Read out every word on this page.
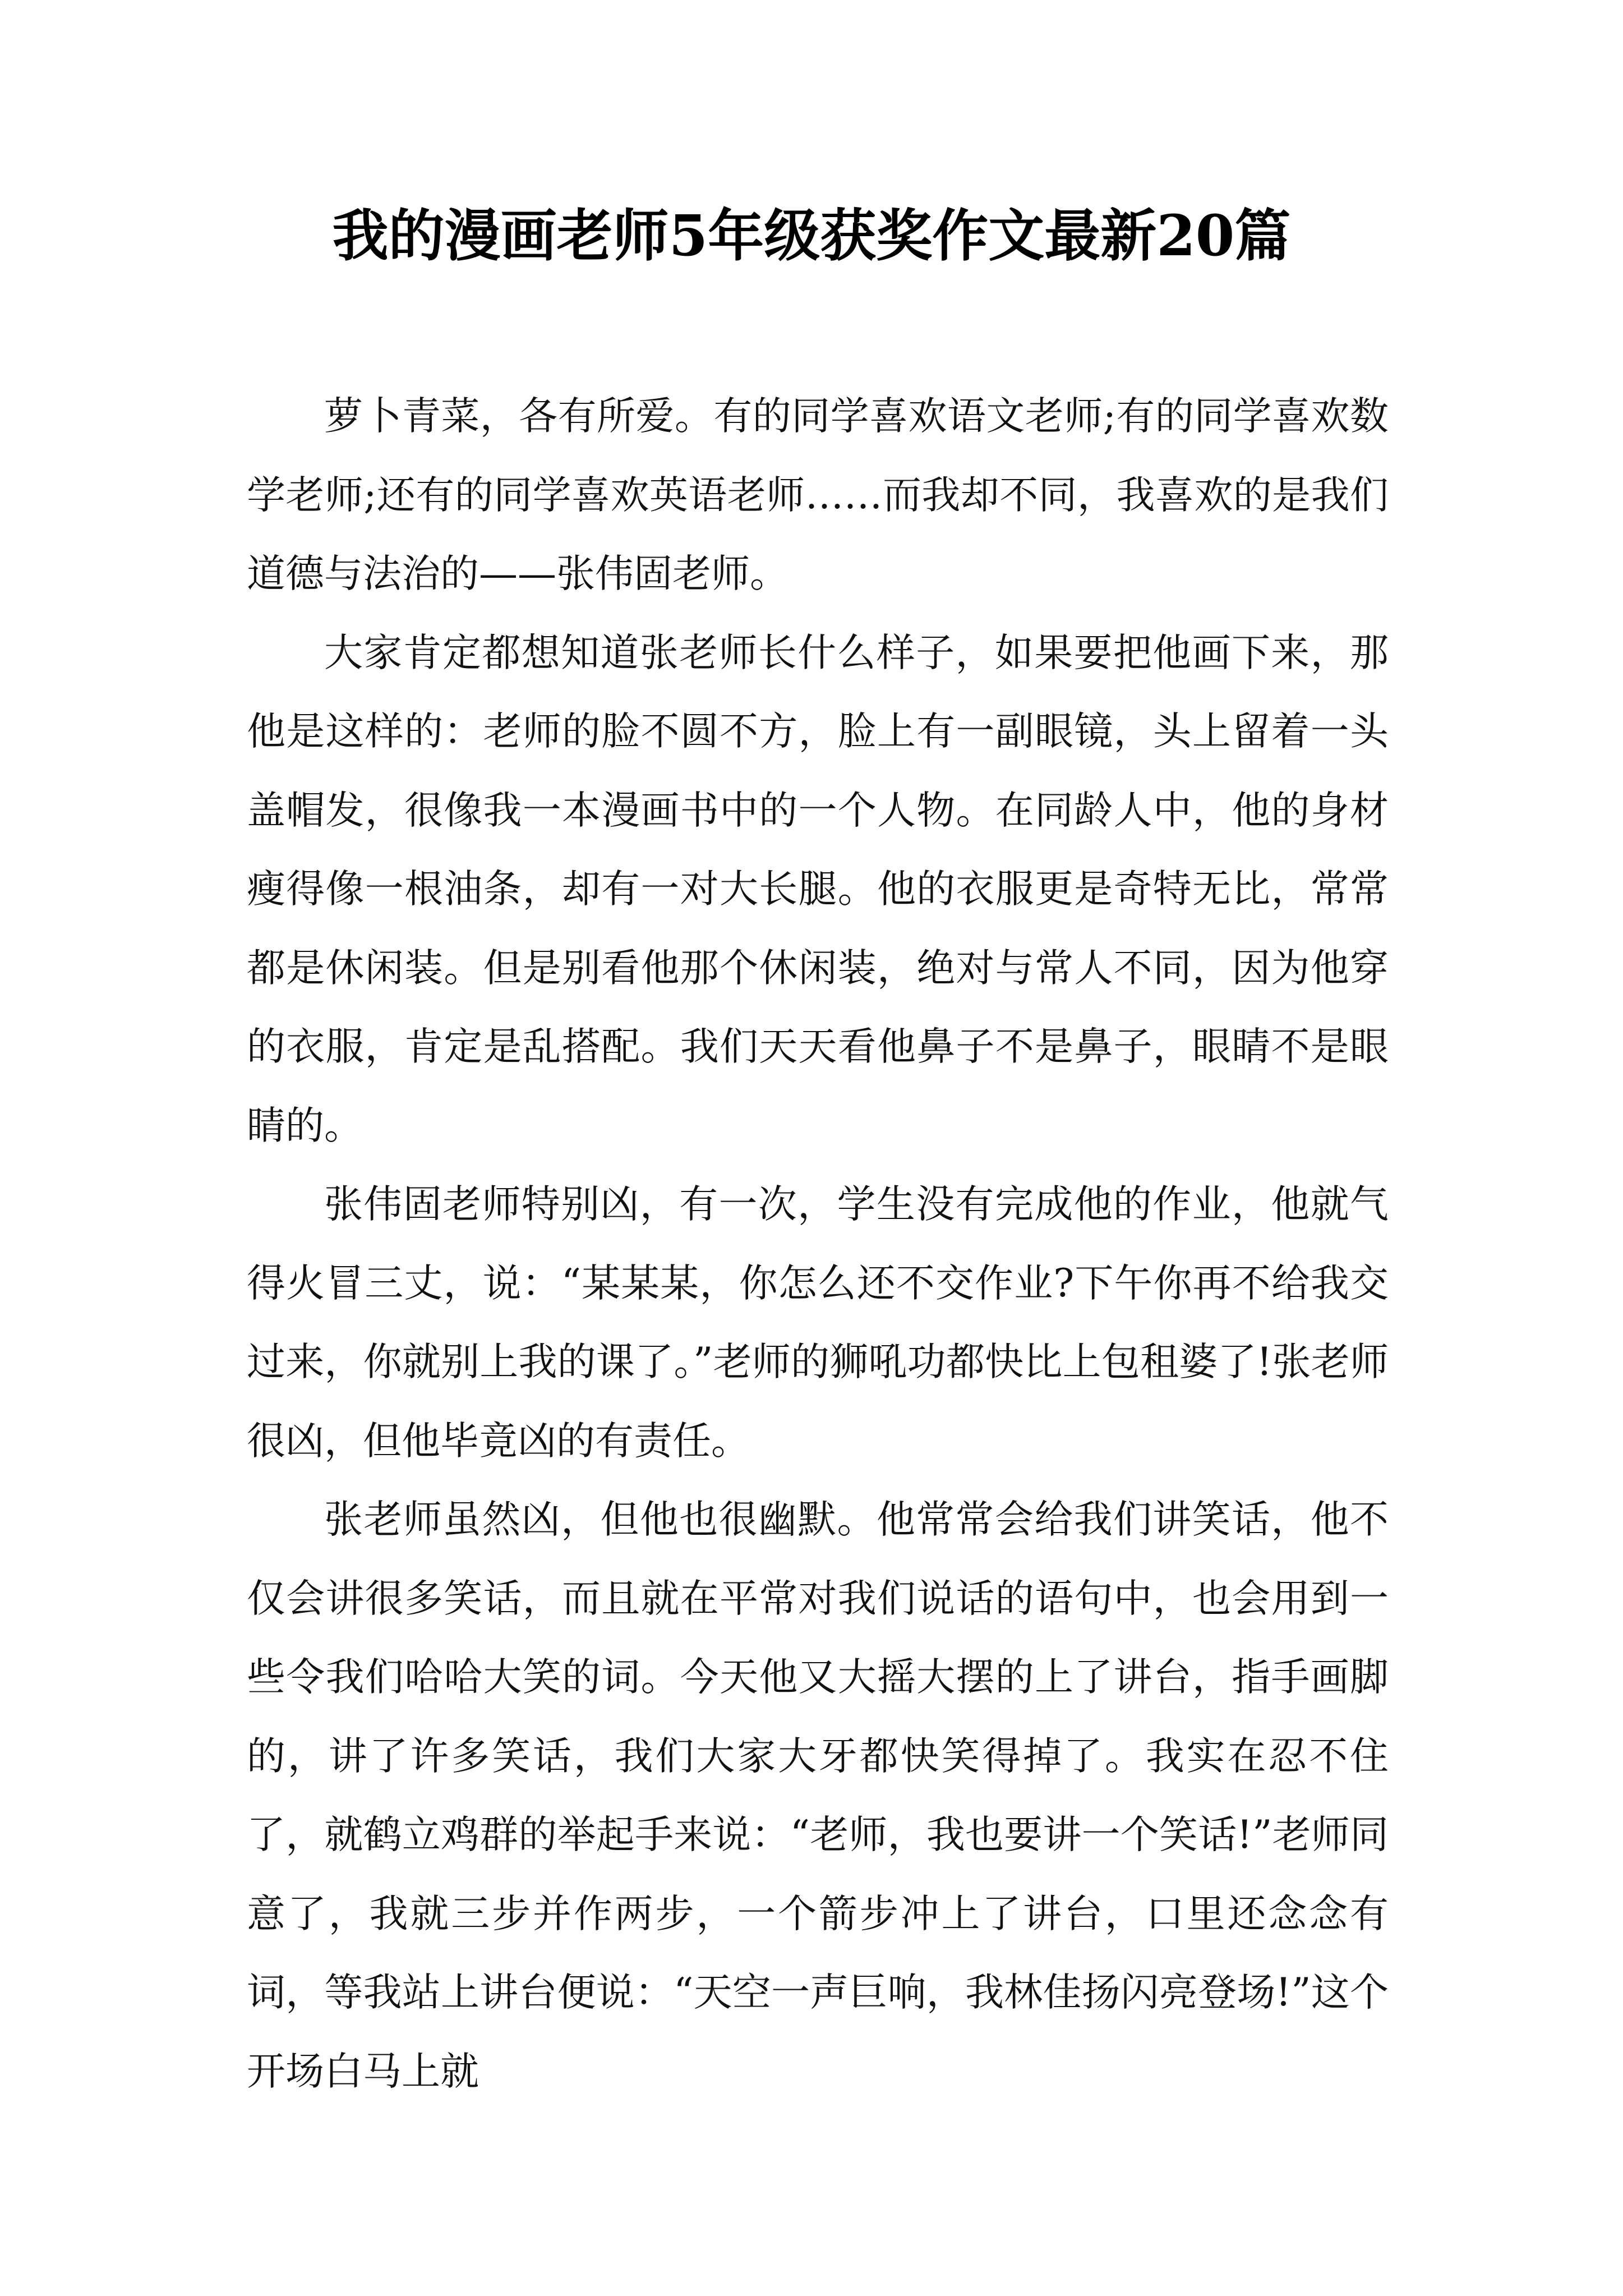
我的漫画老师5年级获奖作文最新20篇

萝卜青菜，各有所爱。有的同学喜欢语文老师;有的同学喜欢数学老师;还有的同学喜欢英语老师……而我却不同，我喜欢的是我们道德与法治的——张伟固老师。

大家肯定都想知道张老师长什么样子，如果要把他画下来，那他是这样的：老师的脸不圆不方，脸上有一副眼镜，头上留着一头盖帽发，很像我一本漫画书中的一个人物。在同龄人中，他的身材瘦得像一根油条，却有一对大长腿。他的衣服更是奇特无比，常常都是休闲装。但是别看他那个休闲装，绝对与常人不同，因为他穿的衣服，肯定是乱搭配。我们天天看他鼻子不是鼻子，眼睛不是眼睛的。

张伟固老师特别凶，有一次，学生没有完成他的作业，他就气得火冒三丈，说：“某某某，你怎么还不交作业?下午你再不给我交过来，你就别上我的课了。”老师的狮吼功都快比上包租婆了!张老师很凶，但他毕竟凶的有责任。

张老师虽然凶，但他也很幽默。他常常会给我们讲笑话，他不仅会讲很多笑话，而且就在平常对我们说话的语句中，也会用到一些令我们哈哈大笑的词。今天他又大摇大摆的上了讲台，指手画脚的，讲了许多笑话，我们大家大牙都快笑得掉了。我实在忍不住了，就鹤立鸡群的举起手来说：“老师，我也要讲一个笑话!”老师同意了，我就三步并作两步，一个箭步冲上了讲台，口里还念念有词，等我站上讲台便说：“天空一声巨响，我林佳扬闪亮登场!”这个开场白马上就
